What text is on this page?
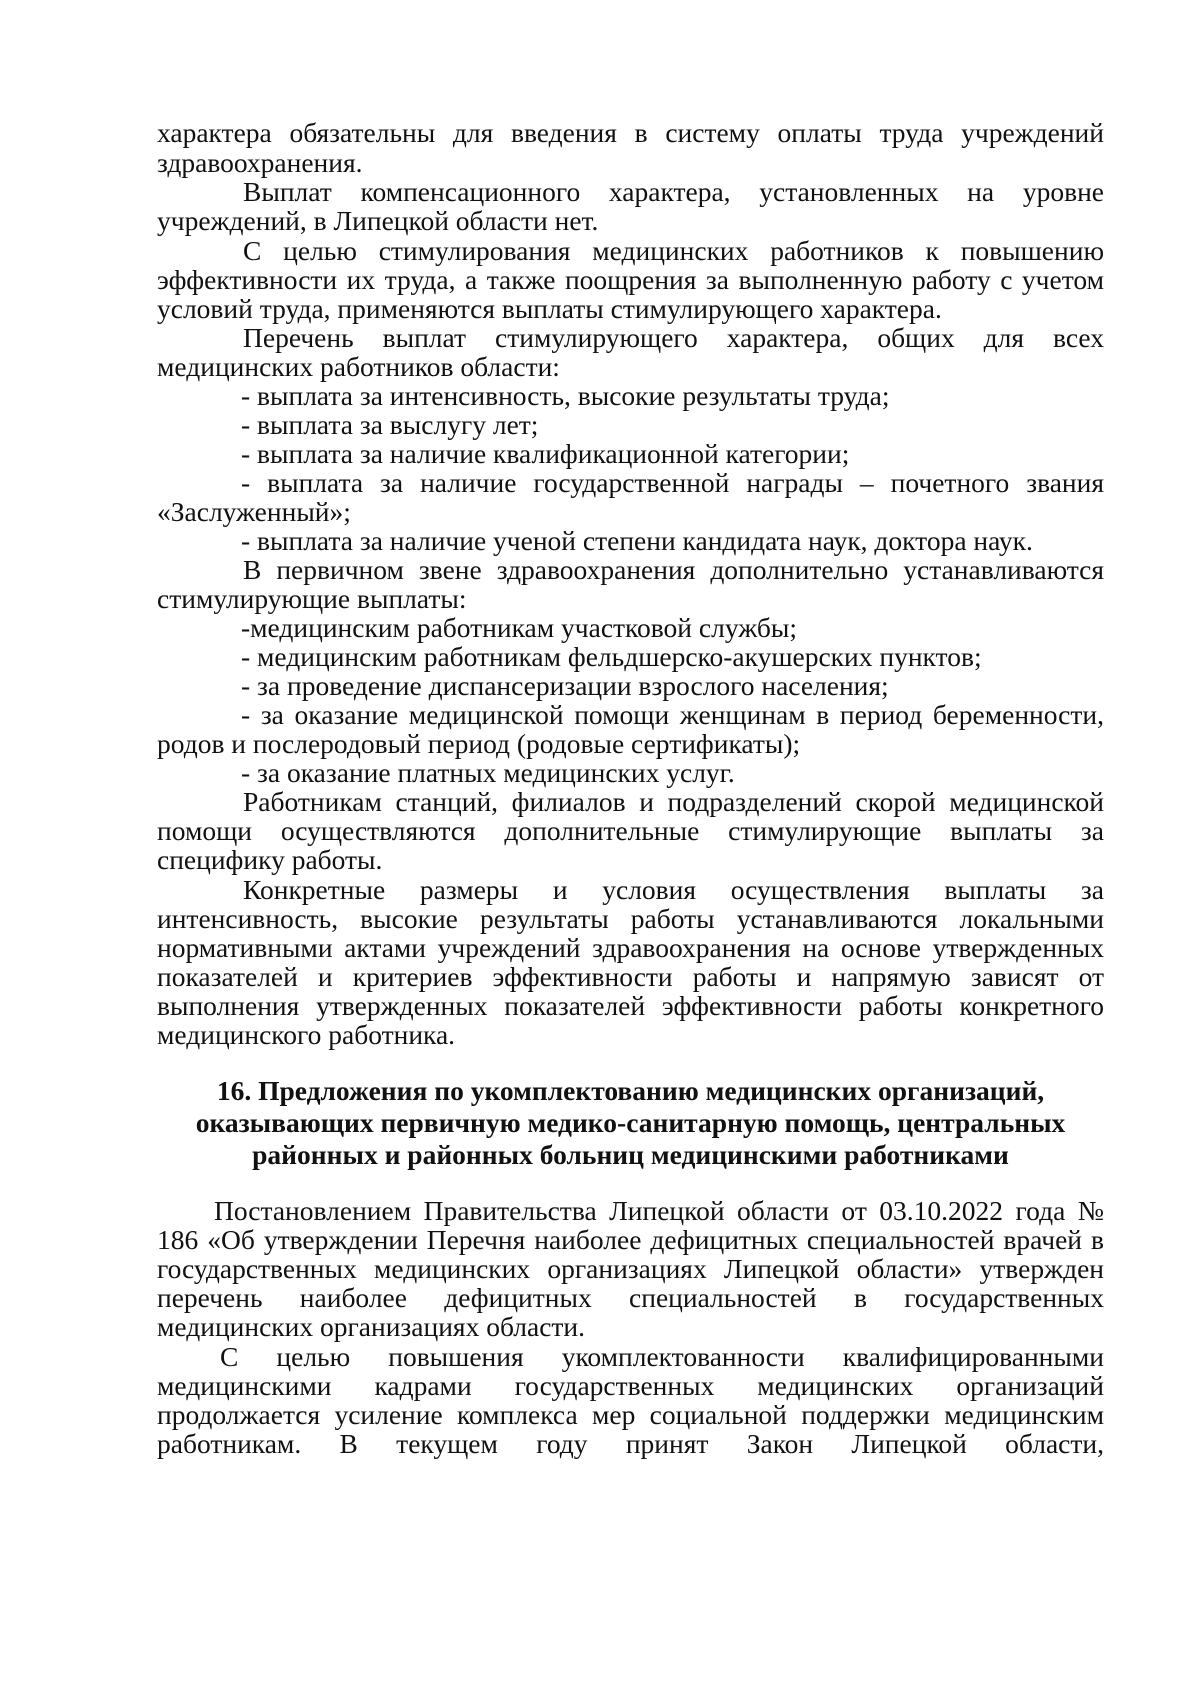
характера обязательны для введения в систему оплаты труда учреждений
здравоохранения.
Выплат компенсационного характера, установленных на уровне
учреждений, в Липецкой области нет.
С целью стимулирования медицинских работников к повышению
эффективности их труда, а также поощрения за выполненную работу с учетом
условий труда, применяются выплаты стимулирующего характера.
Перечень выплат стимулирующего характера, общих для всех
медицинских работников области:
- выплата за интенсивность, высокие результаты труда;
- выплата за выслугу лет;
- выплата за наличие квалификационной категории;
- выплата за наличие государственной награды – почетного звания
«Заслуженный»;
- выплата за наличие ученой степени кандидата наук, доктора наук.
В первичном звене здравоохранения дополнительно устанавливаются
стимулирующие выплаты:
-медицинским работникам участковой службы;
- медицинским работникам фельдшерско-акушерских пунктов;
- за проведение диспансеризации взрослого населения;
- за оказание медицинской помощи женщинам в период беременности,
родов и послеродовый период (родовые сертификаты);
- за оказание платных медицинских услуг.
Работникам станций, филиалов и подразделений скорой медицинской
помощи осуществляются дополнительные стимулирующие выплаты за
специфику работы.
Конкретные размеры и условия осуществления выплаты за
интенсивность, высокие результаты работы устанавливаются локальными
нормативными актами учреждений здравоохранения на основе утвержденных
показателей и критериев эффективности работы и напрямую зависят от
выполнения утвержденных показателей эффективности работы конкретного
медицинского работника.
16. Предложения по укомплектованию медицинских организаций,
оказывающих первичную медико-санитарную помощь, центральных
районных и районных больниц медицинскими работниками
Постановлением Правительства Липецкой области от 03.10.2022 года №
186 «Об утверждении Перечня наиболее дефицитных специальностей врачей в
государственных медицинских организациях Липецкой области» утвержден
перечень наиболее дефицитных специальностей в государственных
медицинских организациях области.
С целью повышения укомплектованности квалифицированными
медицинскими кадрами государственных медицинских организаций
продолжается усиление комплекса мер социальной поддержки медицинским
работникам. В текущем году принят Закон Липецкой области,
